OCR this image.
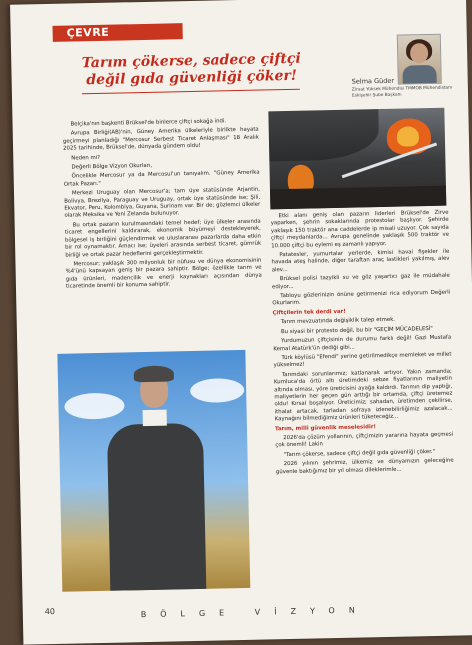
ÇEVRE
Tarım çökerse, sadece çiftçi değil gıda güvenliği çöker!	Selma Güder
Ziraat Yüksek Mühendisi TMMOB Mühendistanı Eskişehir Şube Başkanı

Belçika'nın başkenti Brüksel'de binlerce çiftçi sokağa indi.

Avrupa Birliği(AB)'nin, Güney Amerika ülkeleriyle birlikte hayata geçirmeyi planladığı "Mercosur Serbest Ticaret Anlaşması" 18 Aralık 2025 tarihinde, Brüksel'de, dünyada gündem oldu!

Neden mi?

Değerli Bölge Vizyon Okurları,

Öncelikle Mercosur ya da Mercosul'un tanıyalım. "Güney Amerika Ortak Pazarı."

Merkezi Uruguay olan Mercosur'a; tam üye statüsünde Arjantin, Bolivya, Brezilya, Paraguay ve Uruguay, ortak üye statüsünde ise; Şili, Ekvator, Peru, Kolombiya, Guyana, Surinam var. Bir de; gözlemci ülkeler olarak Meksika ve Yeni Zelanda bulunuyor.

Bu ortak pazarın kurulmasındaki temel hedef; üye ülkeler arasında ticaret engellerini kaldırarak, ekonomik büyümeyi destekleyerek, bölgesel iş birliğini güçlendirmek ve uluslararası pazarlarda daha etkin bir rol oynamaktır. Amacı ise; üyeleri arasında serbest ticaret, gümrük birliği ve ortak pazar hedeflerini gerçekleştirmektir.

Mercosur; yaklaşık 300 milyonluk bir nüfusu ve dünya ekonomisinin %4'ünü kapsayan geniş bir pazara sahiptir. Bölge; özellikle tarım ve gıda ürünleri, madencilik ve enerji kaynakları açısından dünya ticaretinde önemli bir konuma sahiptir.

Etki alanı geniş olan pazarın liderleri Brüksel'de Zirve yaparken, şehrin sokaklarında protestolar başlıyor. Şehirde yaklaşık 150 traktör ana caddelerde ip misali uzuyor. Çok sayıda çiftçi meydanlarda... Avrupa genelinde yaklaşık 500 traktör ve 10.000 çiftçi bu eylemi eş zamanlı yapıyor.

Patatesler, yumurtalar yerlerde, kimisi havai fişekler ile havada ateş halinde, diğer taraftan araç lastikleri yakılmış, alev alev...

Brüksel polisi tazyikli su ve göz yaşartıcı gaz ile müdahale ediyor...

Tabloyu gözlerinizin önüne getirmenizi rica ediyorum Değerli Okurlarım.

Çiftçilerin tek derdi var!

Tarım mevzuatında değişiklik talep etmek.

Bu siyasi bir protesto değil, bu bir "GEÇİM MÜCADELESİ"

Yurdumuzun çiftçisinin de durumu farklı değil! Gazi Mustafa Kemal Atatürk'ün dediği gibi...

Türk köylüsü "Efendi" yerine getirilmedikçe memleket ve millet yükselmez!

Tarımdaki sorunlarımız; katlanarak artıyor. Yakın zamanda; Kumluca'da örtü altı üretimdeki sebze fiyatlarının maliyetin altında olması, yöre üreticisini ayağa kaldırdı. Tarımın dip yaptığı, maliyetlerin her geçen gün arttığı bir ortamda, çiftçi üretemez oldu! Kırsal boşalıyor. Üreticimiz; sahadan, üretimden çekilirse, ithalat artacak, tarladan sofraya izlenebilirliğimiz azalacak... Kaynağını bilmediğimiz ürünleri tüketeceğiz...

Tarım, milli güvenlik meselesidir!

2026'da çözüm yollarının, çiftçimizin yararına hayata geçmesi çok önemli! Lakin

"Tarım çökerse, sadece çiftçi değil gıda güvenliği çöker."

2026 yılının şehrimiz, ülkemiz ve dünyamızın geleceğine güvenle baktığımız bir yıl olması dileklerimle...

40	BÖLGE VİZYON
